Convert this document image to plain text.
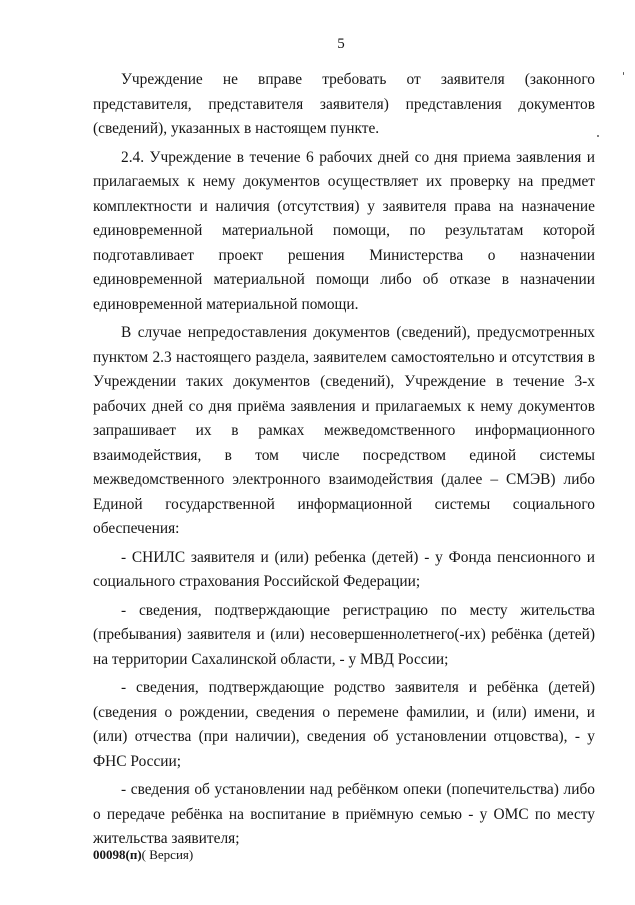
5

Учреждение не вправе требовать от заявителя (законного представителя, представителя заявителя) представления документов (сведений), указанных в настоящем пункте.

2.4. Учреждение в течение 6 рабочих дней со дня приема заявления и прилагаемых к нему документов осуществляет их проверку на предмет комплектности и наличия (отсутствия) у заявителя права на назначение единовременной материальной помощи, по результатам которой подготавливает проект решения Министерства о назначении единовременной материальной помощи либо об отказе в назначении единовременной материальной помощи.

В случае непредоставления документов (сведений), предусмотренных пунктом 2.3 настоящего раздела, заявителем самостоятельно и отсутствия в Учреждении таких документов (сведений), Учреждение в течение 3-х рабочих дней со дня приёма заявления и прилагаемых к нему документов запрашивает их в рамках межведомственного информационного взаимодействия, в том числе посредством единой системы межведомственного электронного взаимодействия (далее – СМЭВ) либо Единой государственной информационной системы социального обеспечения:

- СНИЛС заявителя и (или) ребенка (детей) - у Фонда пенсионного и социального страхования Российской Федерации;

- сведения, подтверждающие регистрацию по месту жительства (пребывания) заявителя и (или) несовершеннолетнего(-их) ребёнка (детей) на территории Сахалинской области, - у МВД России;

- сведения, подтверждающие родство заявителя и ребёнка (детей) (сведения о рождении, сведения о перемене фамилии, и (или) имени, и (или) отчества (при наличии), сведения об установлении отцовства), - у ФНС России;

- сведения об установлении над ребёнком опеки (попечительства) либо о передаче ребёнка на воспитание в приёмную семью - у ОМС по месту жительства заявителя;

00098(п)( Версия)
